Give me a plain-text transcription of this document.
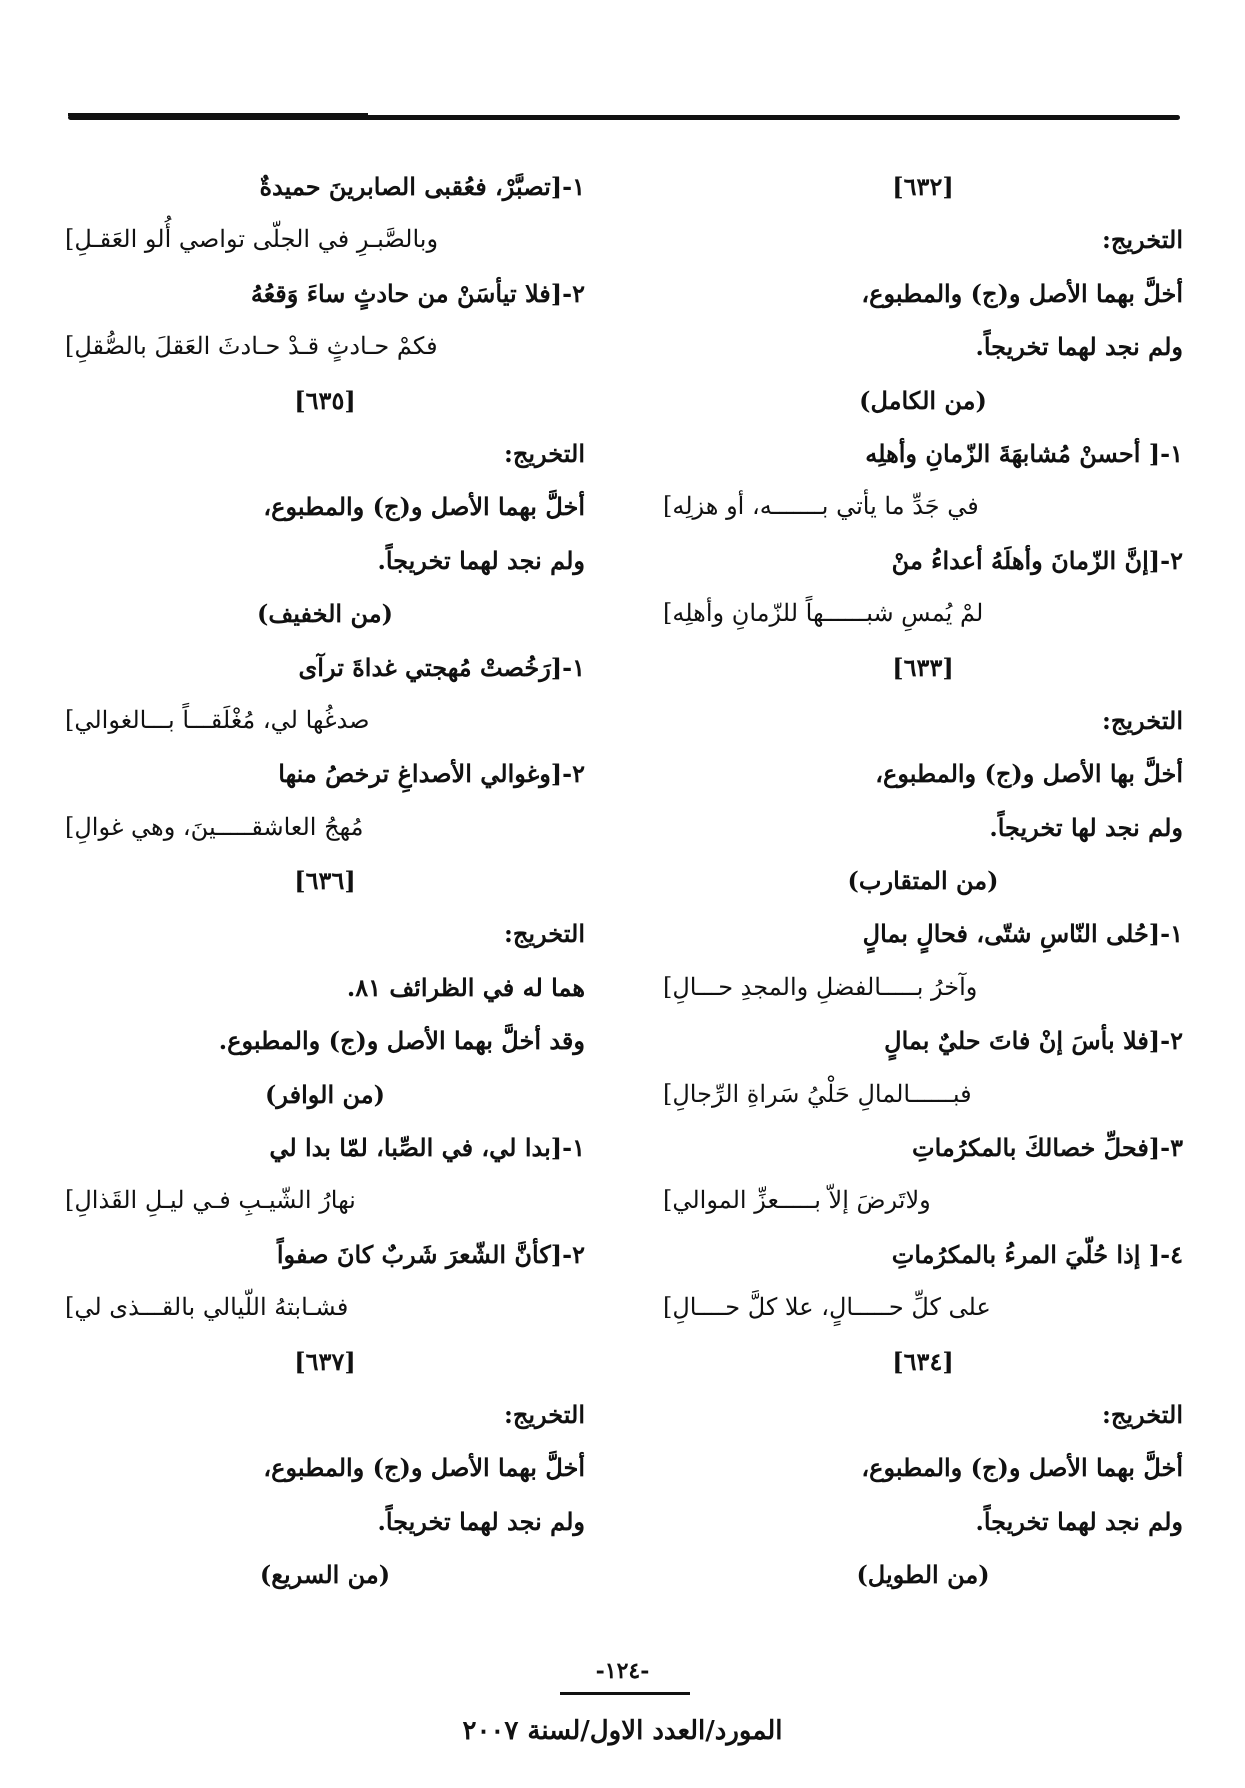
[٦٣٢]
التخريج:
أخلَّ بهما الأصل و(ج) والمطبوع،
ولم نجد لهما تخريجاً.
(من الكامل)
١-[ أحسنْ مُشابهَةَ الزّمانِ وأهلِه
في جَدِّ ما يأتي بـــــــه، أو هزلِه]
٢-[إنَّ الزّمانَ وأهلَهُ أعداءُ منْ
لمْ يُمسِ شبــــــهاً للزّمانِ وأهلِه]
[٦٣٣]
التخريج:
أخلَّ بها الأصل و(ج) والمطبوع،
ولم نجد لها تخريجاً.
(من المتقارب)
١-[حُلى النّاسِ شتّى، فحالٍ بمالٍ
وآخرُ بـــــالفضلِ والمجدِ حـــالِ]
٢-[فلا بأسَ إنْ فاتَ حليٌ بمالٍ
فبــــــالمالِ حَلْيُ سَراةِ الرِّجالِ]
٣-[فحلِّ خصالكَ بالمكرُماتِ
ولاتَرضَ إلاّ بـــــعزِّ الموالي]
٤-[ إذا حُلّيَ المرءُ بالمكرُماتِ
على كلِّ حـــــالٍ، علا كلَّ حــــالِ]
[٦٣٤]
التخريج:
أخلَّ بهما الأصل و(ج) والمطبوع،
ولم نجد لهما تخريجاً.
(من الطويل)
١-[تصبَّرْ، فعُقبى الصابرينَ حميدةٌ
وبالصَّبـرِ في الجلّى تواصي أُلو العَقـلِ]
٢-[فلا تيأسَنْ من حادثٍ ساءَ وَقعُهُ
فكمْ حـادثٍ قـدْ حـادثَ العَقلَ بالصُّقلِ]
[٦٣٥]
التخريج:
أخلَّ بهما الأصل و(ج) والمطبوع،
ولم نجد لهما تخريجاً.
(من الخفيف)
١-[رَخُصتْ مُهجتي غداةَ ترآى
صدغُها لي، مُغْلَقـــاً بـــالغوالي]
٢-[وغوالي الأصداغِ ترخصُ منها
مُهجُ العاشقـــــينَ، وهي غوالِ]
[٦٣٦]
التخريج:
هما له في الظرائف ٨١.
وقد أخلَّ بهما الأصل و(ج) والمطبوع.
(من الوافر)
١-[بدا لي، في الصِّبا، لمّا بدا لي
نهارُ الشّيـبِ فـي ليـلِ القَذالِ]
٢-[كأنَّ الشّعرَ شَربٌ كانَ صفواً
فشـابتهُ اللّيالي بالقـــذى لي]
[٦٣٧]
التخريج:
أخلَّ بهما الأصل و(ج) والمطبوع،
ولم نجد لهما تخريجاً.
(من السريع)
-١٢٤-
المورد/العدد الاول/لسنة ٢٠٠٧
